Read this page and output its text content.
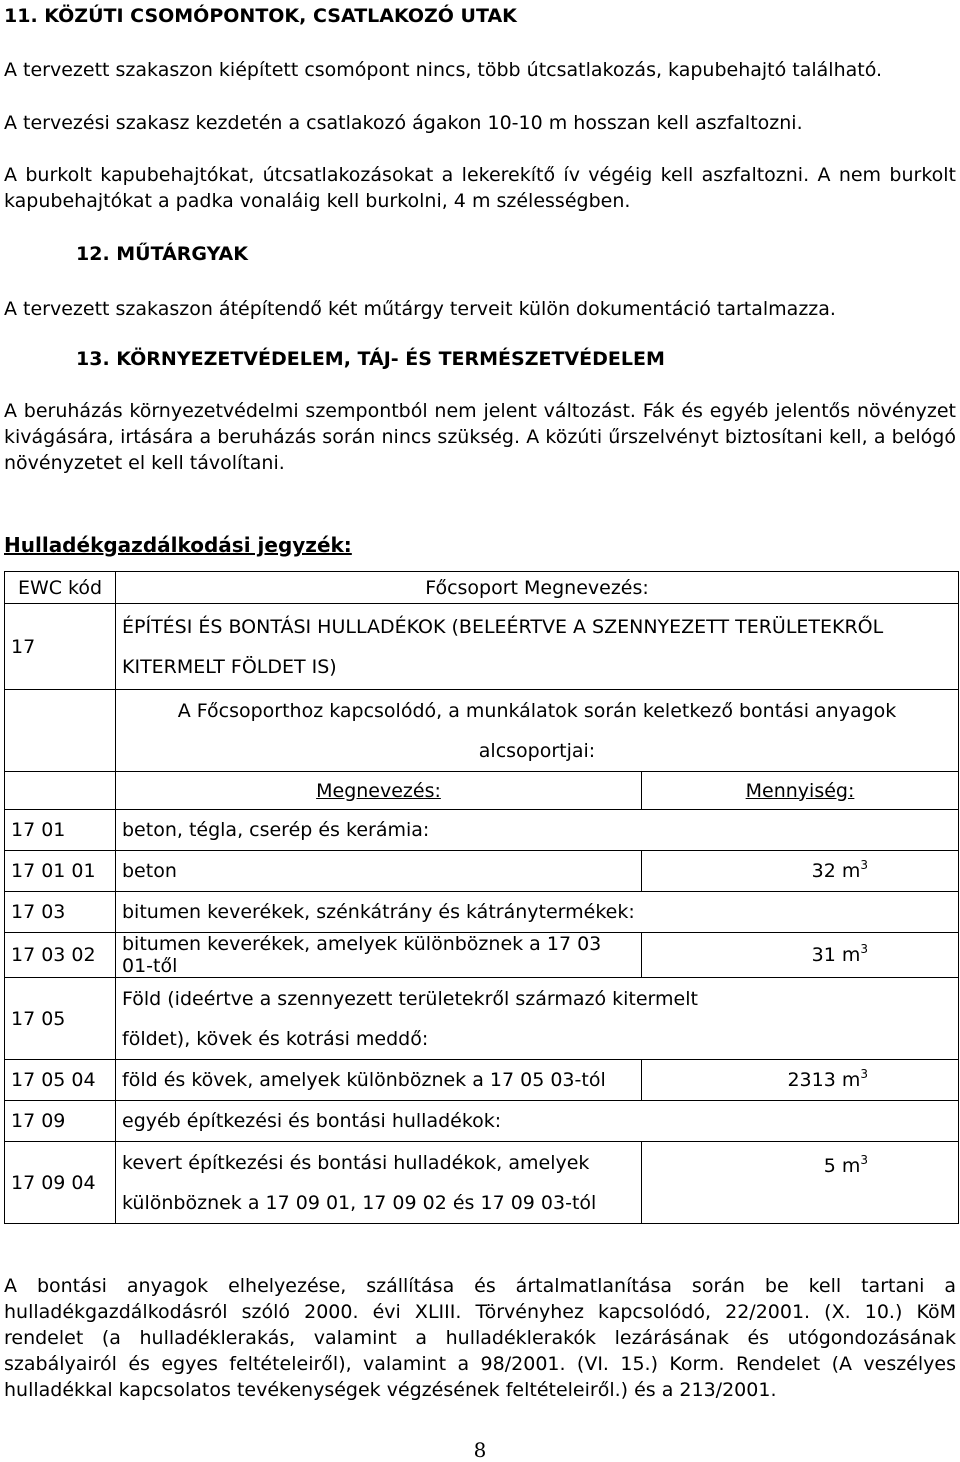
11. KÖZÚTI CSOMÓPONTOK, CSATLAKOZÓ UTAK
A tervezett szakaszon kiépített csomópont nincs, több útcsatlakozás, kapubehajtó található.
A tervezési szakasz kezdetén a csatlakozó ágakon 10-10 m hosszan kell aszfaltozni.
A burkolt kapubehajtókat, útcsatlakozásokat a lekerekítő ív végéig kell aszfaltozni. A nem burkolt kapubehajtókat a padka vonaláig kell burkolni, 4 m szélességben.
12. MŰTÁRGYAK
A tervezett szakaszon átépítendő két műtárgy terveit külön dokumentáció tartalmazza.
13. KÖRNYEZETVÉDELEM, TÁJ- ÉS TERMÉSZETVÉDELEM
A beruházás környezetvédelmi szempontból nem jelent változást. Fák és egyéb jelentős növényzet kivágására, irtására a beruházás során nincs szükség. A közúti űrszelvényt biztosítani kell, a belógó növényzetet el kell távolítani.
Hulladékgazdálkodási jegyzék:
EWC kód	Főcsoport Megnevezés:	
17	ÉPÍTÉSI ÉS BONTÁSI HULLADÉKOK (BELEÉRTVE A SZENNYEZETT TERÜLETEKRŐL
KITERMELT FÖLDET IS)	

	A Főcsoporthoz kapcsolódó, a munkálatok során keletkező bontási anyagok
alcsoportjai:	

	Megnevezés:	Mennyiség:
17 01	beton, tégla, cserép és kerámia:	
17 01 01	beton	32 $m^3$
17 03	bitumen keverékek, szénkátrány és kátránytermékek:	
17 03 02	bitumen keverékek, amelyek különböznek a 17 03 01-től	31 $m^3$
17 05	Föld (ideértve a szennyezett területekről származó kitermelt
földet), kövek és kotrási meddő:	

17 05 04	föld és kövek, amelyek különböznek a 17 05 03-tól	2313 $m^3$
17 09	egyéb építkezési és bontási hulladékok:	
17 09 04	kevert építkezési és bontási hulladékok, amelyek
különböznek a 17 09 01, 17 09 02 és 17 09 03-tól	5 $m^3$
A bontási anyagok elhelyezése, szállítása és ártalmatlanítása során be kell tartani a hulladékgazdálkodásról szóló 2000. évi XLIII. Törvényhez kapcsolódó, 22/2001. (X. 10.) KöM rendelet (a hulladéklerakás, valamint a hulladéklerakók lezárásának és utógondozásának szabályairól és egyes feltételeiről), valamint a 98/2001. (VI. 15.) Korm. Rendelet (A veszélyes hulladékkal kapcsolatos tevékenységek végzésének feltételeiről.) és a 213/2001.
8
